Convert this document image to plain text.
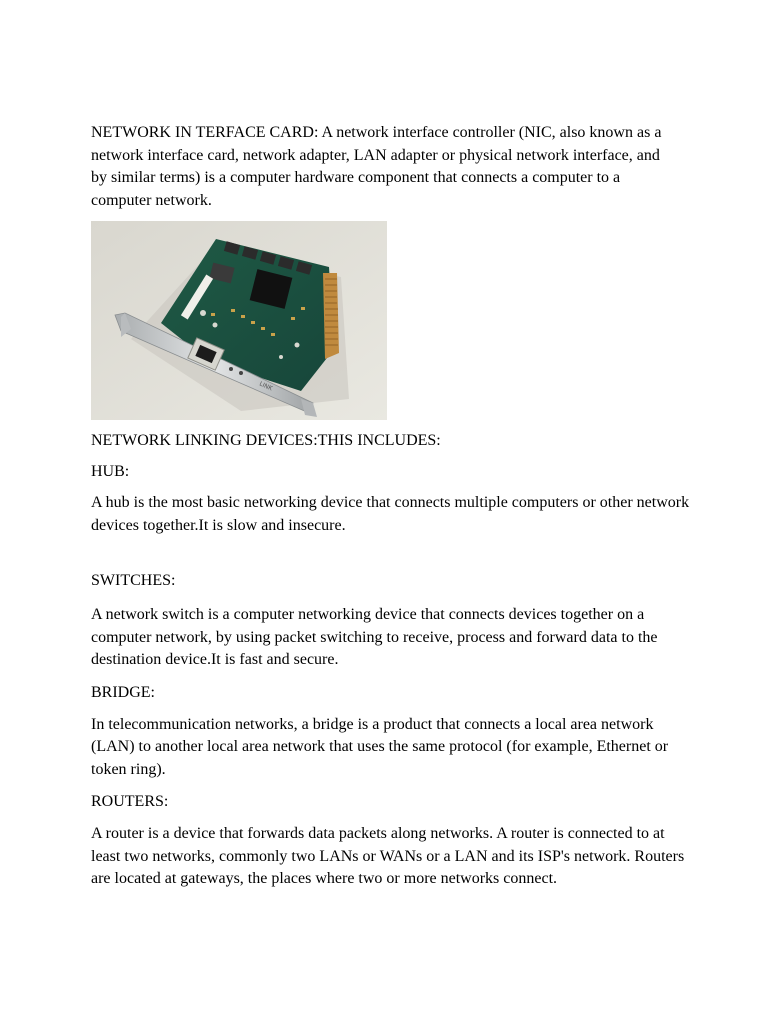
NETWORK IN TERFACE CARD: A network interface controller (NIC, also known as a network interface card, network adapter, LAN adapter or physical network interface, and by similar terms) is a computer hardware component that connects a computer to a computer network.

LINK

NETWORK LINKING DEVICES:THIS INCLUDES:

HUB:

A hub is the most basic networking device that connects multiple computers or other network devices together.It is slow and insecure.

SWITCHES:

A network switch is a computer networking device that connects devices together on a computer network, by using packet switching to receive, process and forward data to the destination device.It is fast and secure.

BRIDGE:

In telecommunication networks, a bridge is a product that connects a local area network (LAN) to another local area network that uses the same protocol (for example, Ethernet or token ring).

ROUTERS:

A router is a device that forwards data packets along networks. A router is connected to at least two networks, commonly two LANs or WANs or a LAN and its ISP's network. Routers are located at gateways, the places where two or more networks connect.
